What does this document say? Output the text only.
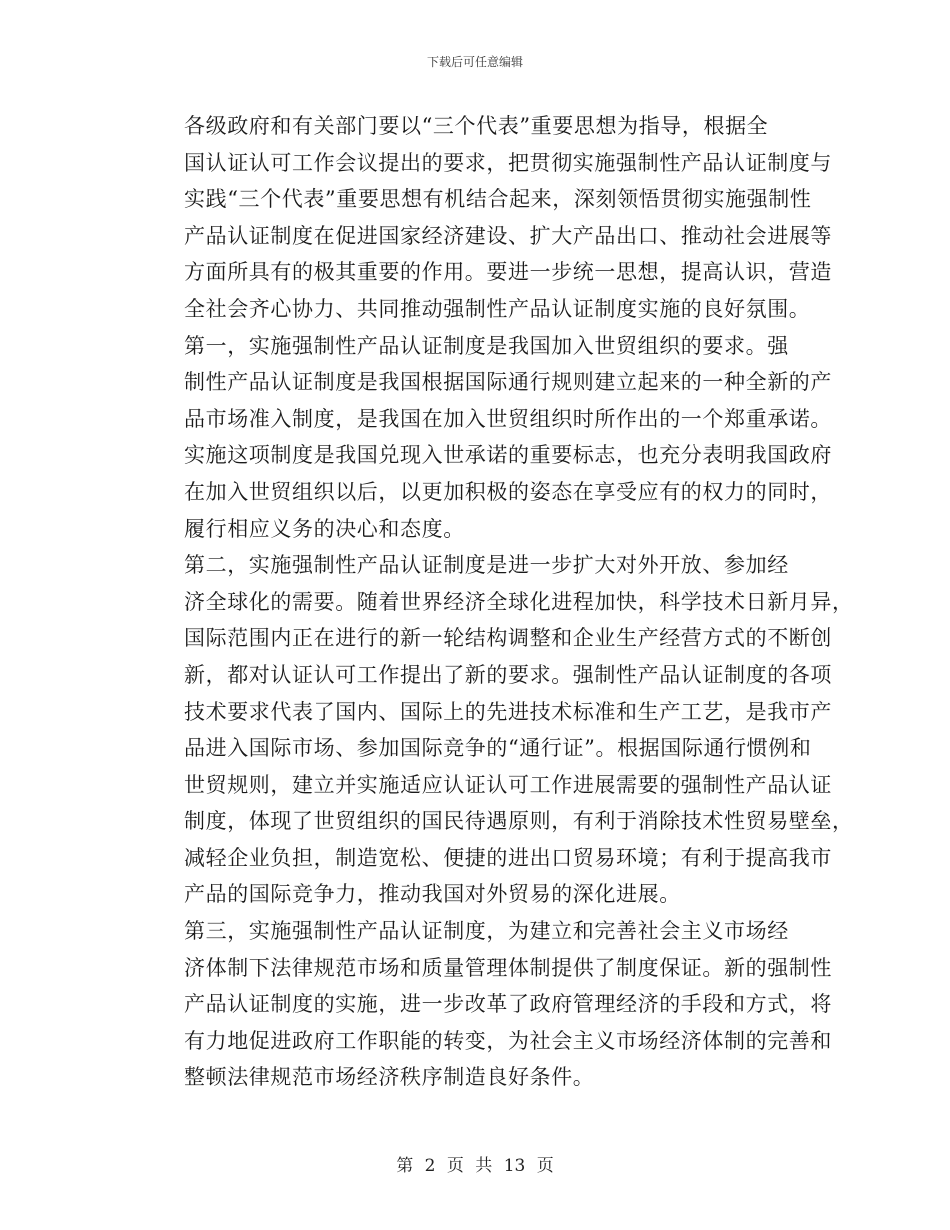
下载后可任意编辑

各级政府和有关部门要以“三个代表”重要思想为指导，根据全
国认证认可工作会议提出的要求，把贯彻实施强制性产品认证制度与
实践“三个代表”重要思想有机结合起来，深刻领悟贯彻实施强制性
产品认证制度在促进国家经济建设、扩大产品出口、推动社会进展等
方面所具有的极其重要的作用。要进一步统一思想，提高认识，营造
全社会齐心协力、共同推动强制性产品认证制度实施的良好氛围。

第一，实施强制性产品认证制度是我国加入世贸组织的要求。强
制性产品认证制度是我国根据国际通行规则建立起来的一种全新的产
品市场准入制度，是我国在加入世贸组织时所作出的一个郑重承诺。
实施这项制度是我国兑现入世承诺的重要标志，也充分表明我国政府
在加入世贸组织以后，以更加积极的姿态在享受应有的权力的同时，
履行相应义务的决心和态度。

第二，实施强制性产品认证制度是进一步扩大对外开放、参加经
济全球化的需要。随着世界经济全球化进程加快，科学技术日新月异，
国际范围内正在进行的新一轮结构调整和企业生产经营方式的不断创
新，都对认证认可工作提出了新的要求。强制性产品认证制度的各项
技术要求代表了国内、国际上的先进技术标准和生产工艺，是我市产
品进入国际市场、参加国际竞争的“通行证”。根据国际通行惯例和
世贸规则，建立并实施适应认证认可工作进展需要的强制性产品认证
制度，体现了世贸组织的国民待遇原则，有利于消除技术性贸易壁垒，
减轻企业负担，制造宽松、便捷的进出口贸易环境；有利于提高我市
产品的国际竞争力，推动我国对外贸易的深化进展。

第三，实施强制性产品认证制度，为建立和完善社会主义市场经
济体制下法律规范市场和质量管理体制提供了制度保证。新的强制性
产品认证制度的实施，进一步改革了政府管理经济的手段和方式，将
有力地促进政府工作职能的转变，为社会主义市场经济体制的完善和
整顿法律规范市场经济秩序制造良好条件。

第 2 页 共 13 页
